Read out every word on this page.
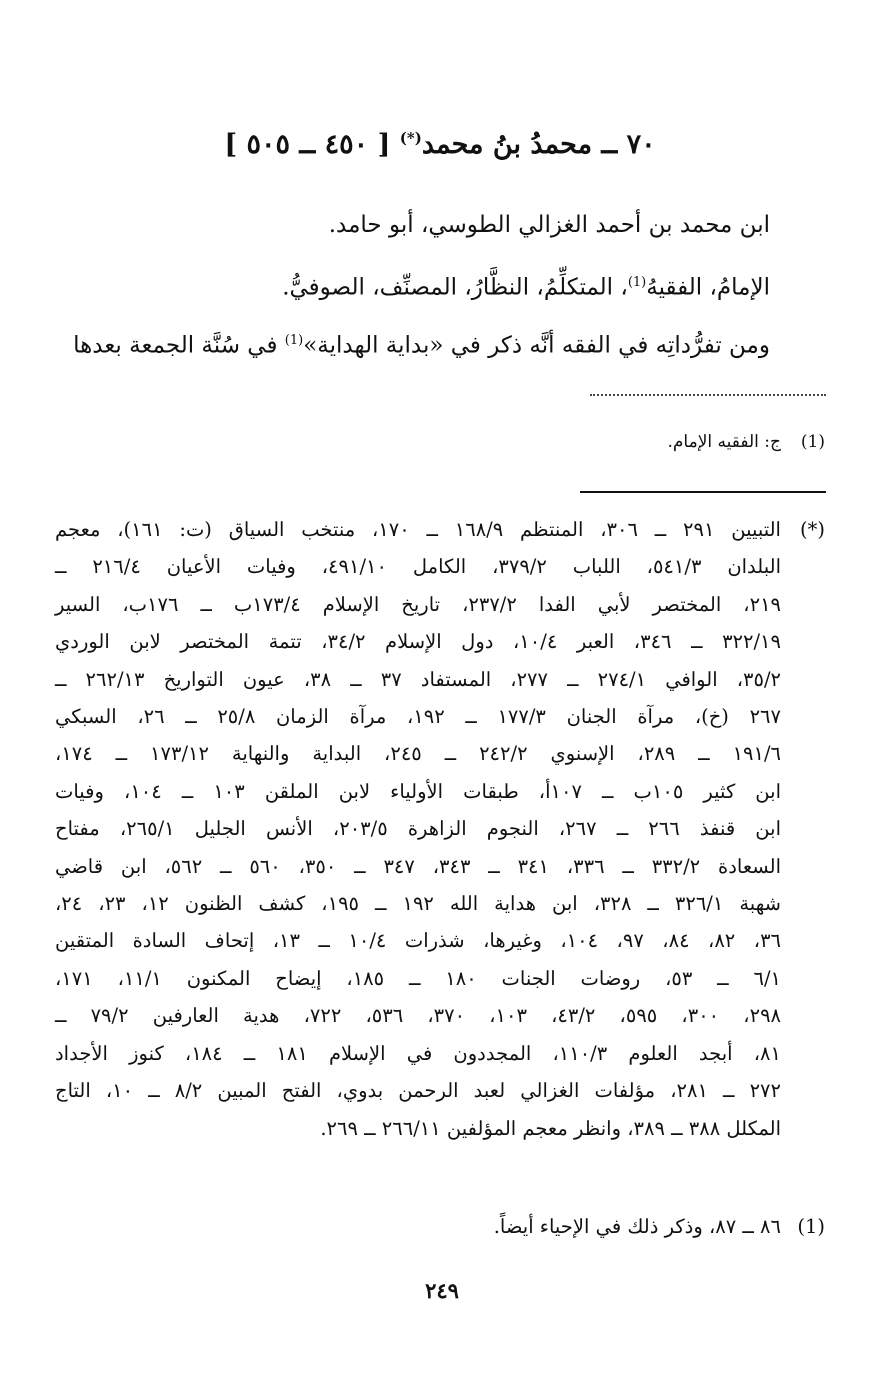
٧٠ ــ محمدُ بنُ محمد(*) [ ٤٥٠ ــ ٥٠٥ ]
ابن محمد بن أحمد الغزالي الطوسي، أبو حامد.
الإمامُ، الفقيهُ$^{(1)}$، المتكلِّمُ، النظَّارُ، المصنِّف، الصوفيُّ.
ومن تفرُّداتِه في الفقه أنَّه ذكر في «بداية الهداية»$^{(1)}$ في سُنَّة الجمعة بعدها
(1)ج: الفقيه الإمام.
(*)التبيين ٢٩١ ــ ٣٠٦، المنتظم ١٦٨/٩ ــ ١٧٠، منتخب السياق (ت: ١٦١)، معجم
البلدان ٥٤١/٣، اللباب ٣٧٩/٢، الكامل ٤٩١/١٠، وفيات الأعيان ٢١٦/٤ ــ
٢١٩، المختصر لأبي الفدا ٢٣٧/٢، تاريخ الإسلام ١٧٣/٤ب ــ ١٧٦ب، السير
٣٢٢/١٩ ــ ٣٤٦، العبر ١٠/٤، دول الإسلام ٣٤/٢، تتمة المختصر لابن الوردي
٣٥/٢، الوافي ٢٧٤/١ ــ ٢٧٧، المستفاد ٣٧ ــ ٣٨، عيون التواريخ ٢٦٢/١٣ ــ
٢٦٧ (خ)، مرآة الجنان ١٧٧/٣ ــ ١٩٢، مرآة الزمان ٢٥/٨ ــ ٢٦، السبكي
١٩١/٦ ــ ٢٨٩، الإسنوي ٢٤٢/٢ ــ ٢٤٥، البداية والنهاية ١٧٣/١٢ ــ ١٧٤،
ابن كثير ١٠٥ب ــ ١٠٧أ، طبقات الأولياء لابن الملقن ١٠٣ ــ ١٠٤، وفيات
ابن قنفذ ٢٦٦ ــ ٢٦٧، النجوم الزاهرة ٢٠٣/٥، الأنس الجليل ٢٦٥/١، مفتاح
السعادة ٣٣٢/٢ ــ ٣٣٦، ٣٤١ ــ ٣٤٣، ٣٤٧ ــ ٣٥٠، ٥٦٠ ــ ٥٦٢، ابن قاضي
شهبة ٣٢٦/١ ــ ٣٢٨، ابن هداية الله ١٩٢ ــ ١٩٥، كشف الظنون ١٢، ٢٣، ٢٤،
٣٦، ٨٢، ٨٤، ٩٧، ١٠٤، وغيرها، شذرات ١٠/٤ ــ ١٣، إتحاف السادة المتقين
٦/١ ــ ٥٣، روضات الجنات ١٨٠ ــ ١٨٥، إيضاح المكنون ١١/١، ١٧١،
٢٩٨، ٣٠٠، ٥٩٥، ٤٣/٢، ١٠٣، ٣٧٠، ٥٣٦، ٧٢٢، هدية العارفين ٧٩/٢ ــ
٨١، أبجد العلوم ١١٠/٣، المجددون في الإسلام ١٨١ ــ ١٨٤، كنوز الأجداد
٢٧٢ ــ ٢٨١، مؤلفات الغزالي لعبد الرحمن بدوي، الفتح المبين ٨/٢ ــ ١٠، التاج
المكلل ٣٨٨ ــ ٣٨٩، وانظر معجم المؤلفين ٢٦٦/١١ ــ ٢٦٩.
(1)٨٦ ــ ٨٧، وذكر ذلك في الإحياء أيضاً.
٢٤٩
